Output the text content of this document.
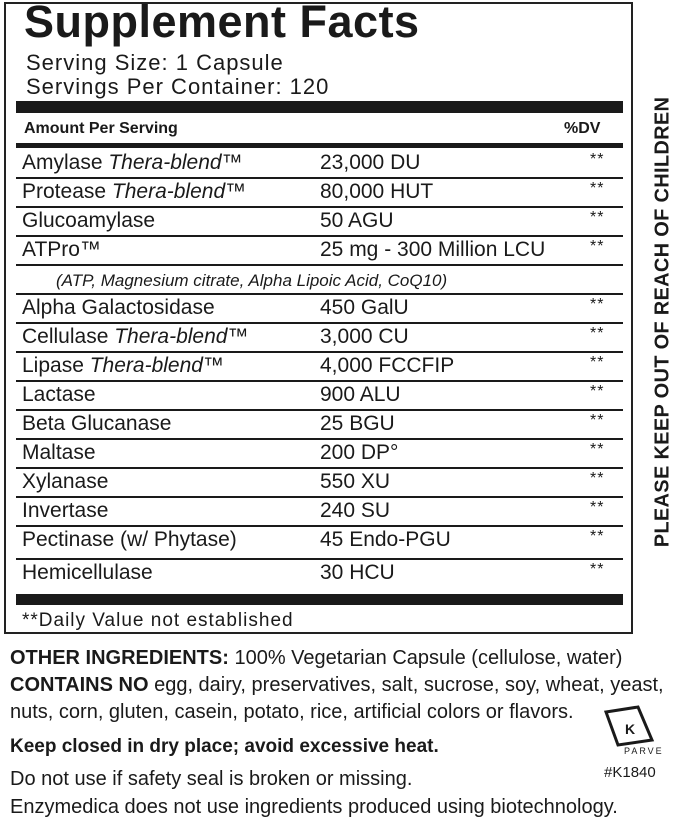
Supplement Facts
Serving Size: 1 Capsule
Servings Per Container: 120
Amount Per Serving	%DV
Amylase Thera-blend™	23,000 DU	**
Protease Thera-blend™	80,000 HUT	**
Glucoamylase	50 AGU	**
ATPro™	25 mg - 300 Million LCU	**
Alpha Galactosidase	450 GalU	**
Cellulase Thera-blend™	3,000 CU	**
Lipase Thera-blend™	4,000 FCCFIP	**
Lactase	900 ALU	**
Beta Glucanase	25 BGU	**
Maltase	200 DP°	**
Xylanase	550 XU	**
Invertase	240 SU	**
Pectinase (w/ Phytase)	45 Endo-PGU	**
Hemicellulase	30 HCU	**
(ATP, Magnesium citrate, Alpha Lipoic Acid, CoQ10)
**Daily Value not established
PLEASE KEEP OUT OF REACH OF CHILDREN
OTHER INGREDIENTS: 100% Vegetarian Capsule (cellulose, water)
CONTAINS NO egg, dairy, preservatives, salt, sucrose, soy, wheat, yeast,
nuts, corn, gluten, casein, potato, rice, artificial colors or flavors.
Keep closed in dry place; avoid excessive heat.
Do not use if safety seal is broken or missing.
Enzymedica does not use ingredients produced using biotechnology.
K
PARVE
#K1840
